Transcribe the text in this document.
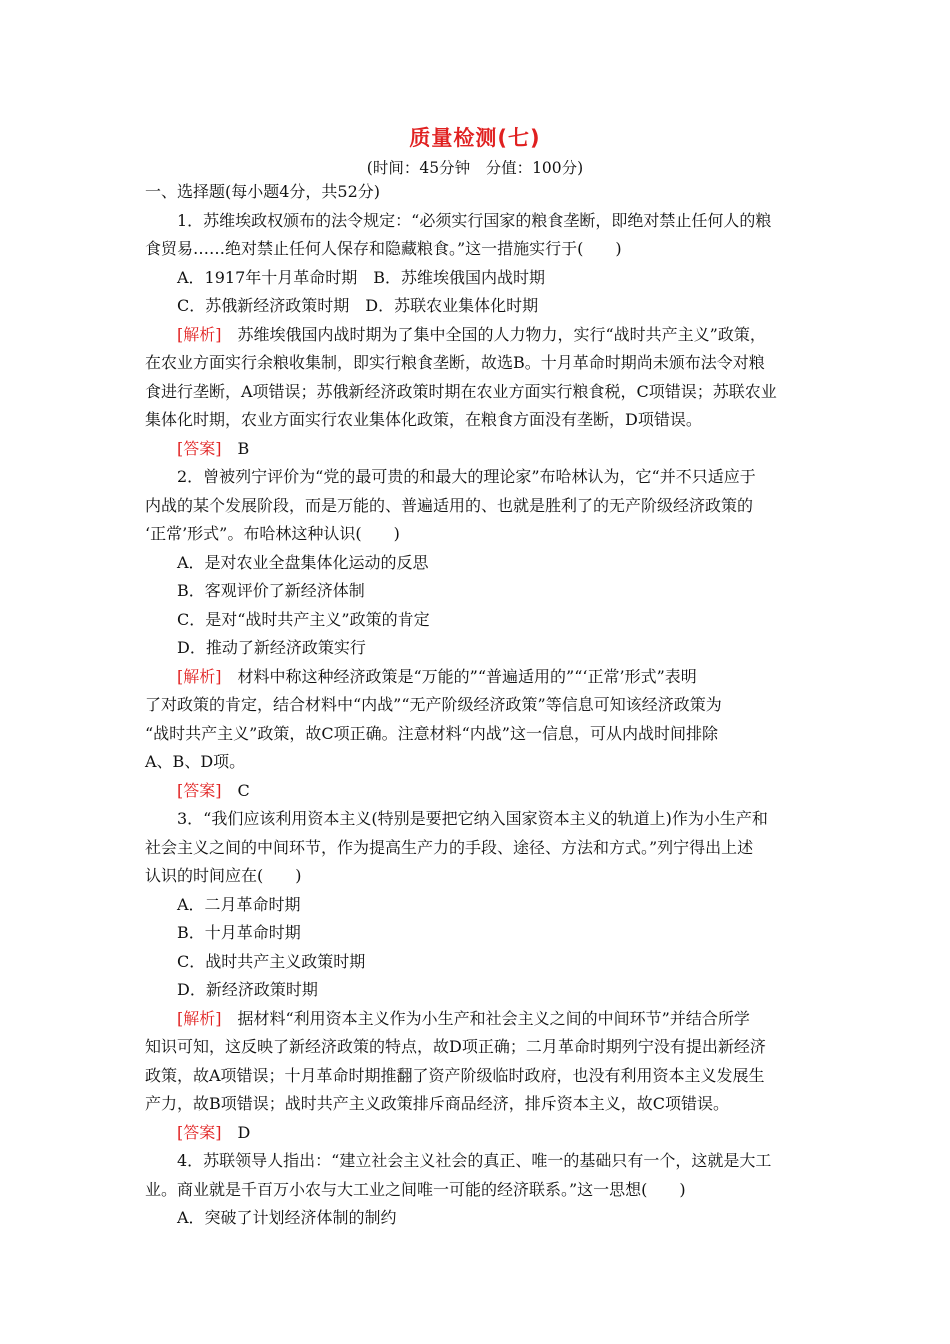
质量检测(七)
(时间：45分钟　分值：100分)

一、选择题(每小题4分，共52分)

1．苏维埃政权颁布的法令规定：“必须实行国家的粮食垄断，即绝对禁止任何人的粮

食贸易……绝对禁止任何人保存和隐藏粮食。”这一措施实行于(　　)

A．1917年十月革命时期　B．苏维埃俄国内战时期

C．苏俄新经济政策时期　D．苏联农业集体化时期

[解析] 苏维埃俄国内战时期为了集中全国的人力物力，实行“战时共产主义”政策，

在农业方面实行余粮收集制，即实行粮食垄断，故选B。十月革命时期尚未颁布法令对粮

食进行垄断，A项错误；苏俄新经济政策时期在农业方面实行粮食税，C项错误；苏联农业

集体化时期，农业方面实行农业集体化政策，在粮食方面没有垄断，D项错误。

[答案] B

2．曾被列宁评价为“党的最可贵的和最大的理论家”布哈林认为，它“并不只适应于

内战的某个发展阶段，而是万能的、普遍适用的、也就是胜利了的无产阶级经济政策的

‘正常’形式”。布哈林这种认识(　　)

A．是对农业全盘集体化运动的反思

B．客观评价了新经济体制

C．是对“战时共产主义”政策的肯定

D．推动了新经济政策实行

[解析] 材料中称这种经济政策是“万能的”“普遍适用的”“‘正常’形式”表明

了对政策的肯定，结合材料中“内战”“无产阶级经济政策”等信息可知该经济政策为

“战时共产主义”政策，故C项正确。注意材料“内战”这一信息，可从内战时间排除

A、B、D项。

[答案] C

3．“我们应该利用资本主义(特别是要把它纳入国家资本主义的轨道上)作为小生产和

社会主义之间的中间环节，作为提高生产力的手段、途径、方法和方式。”列宁得出上述

认识的时间应在(　　)

A．二月革命时期

B．十月革命时期

C．战时共产主义政策时期

D．新经济政策时期

[解析] 据材料“利用资本主义作为小生产和社会主义之间的中间环节”并结合所学

知识可知，这反映了新经济政策的特点，故D项正确；二月革命时期列宁没有提出新经济

政策，故A项错误；十月革命时期推翻了资产阶级临时政府，也没有利用资本主义发展生

产力，故B项错误；战时共产主义政策排斥商品经济，排斥资本主义，故C项错误。

[答案] D

4．苏联领导人指出：“建立社会主义社会的真正、唯一的基础只有一个，这就是大工

业。商业就是千百万小农与大工业之间唯一可能的经济联系。”这一思想(　　)

A．突破了计划经济体制的制约
